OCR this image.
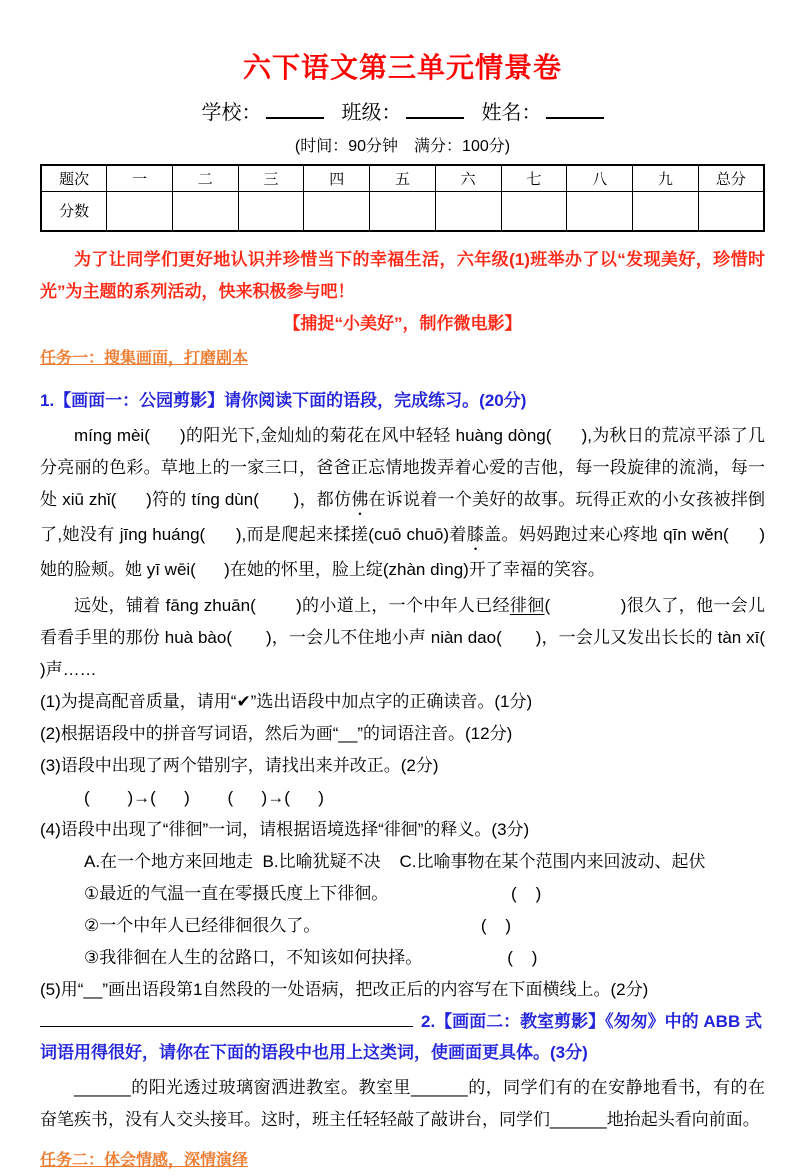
六下语文第三单元情景卷
学校：	班级：	姓名：
(时间：90分钟　满分：100分)
题次	一	二	三	四	五	六	七	八	九	总分
分数										

为了让同学们更好地认识并珍惜当下的幸福生活，六年级(1)班举办了以“发现美好，珍惜时光”为主题的系列活动，快来积极参与吧！

【捕捉“小美好”，制作微电影】

任务一：搜集画面，打磨剧本

1.【画面一：公园剪影】请你阅读下面的语段，完成练习。(20分)

míng mèi(      )的阳光下,金灿灿的菊花在风中轻轻 huàng dòng(      ),为秋日的荒凉平添了几分亮丽的色彩。草地上的一家三口，爸爸正忘情地拨弄着心爱的吉他，每一段旋律的流淌，每一处 xiū zhǐ(      )符的 tíng dùn(       )，都仿佛在诉说着一个美好的故事。玩得正欢的小女孩被拌倒了,她没有 jīng huáng(      ),而是爬起来揉搓(cuō chuō)着膝盖。妈妈跑过来心疼地 qīn wěn(      )她的脸颊。她 yī wēi(      )在她的怀里，脸上绽(zhàn dìng)开了幸福的笑容。

远处，铺着 fāng zhuān(        )的小道上，一个中年人已经徘徊(              )很久了，他一会儿看看手里的那份 huà bào(       )，一会儿不住地小声 niàn dao(       )，一会儿又发出长长的 tàn xī(    )声……

(1)为提高配音质量，请用“✔”选出语段中加点字的正确读音。(1分)

(2)根据语段中的拼音写词语，然后为画“__”的词语注音。(12分)

(3)语段中出现了两个错别字，请找出来并改正。(2分)

(        )→(      )        (      )→(      )

(4)语段中出现了“徘徊”一词，请根据语境选择“徘徊”的释义。(3分)

A.在一个地方来回地走  B.比喻犹疑不决    C.比喻事物在某个范围内来回波动、起伏

①最近的气温一直在零摄氏度上下徘徊。                          (    )

②一个中年人已经徘徊很久了。                                  (    )

③我徘徊在人生的岔路口，不知该如何抉择。                  (    )

(5)用“__”画出语段第1自然段的一处语病，把改正后的内容写在下面横线上。(2分)

2.【画面二：教室剪影】《匆匆》中的 ABB 式

词语用得很好，请你在下面的语段中也用上这类词，使画面更具体。(3分)

______的阳光透过玻璃窗洒进教室。教室里______的，同学们有的在安静地看书，有的在奋笔疾书，没有人交头接耳。这时，班主任轻轻敲了敲讲台，同学们______地抬起头看向前面。

任务二：体会情感，深情演绎
